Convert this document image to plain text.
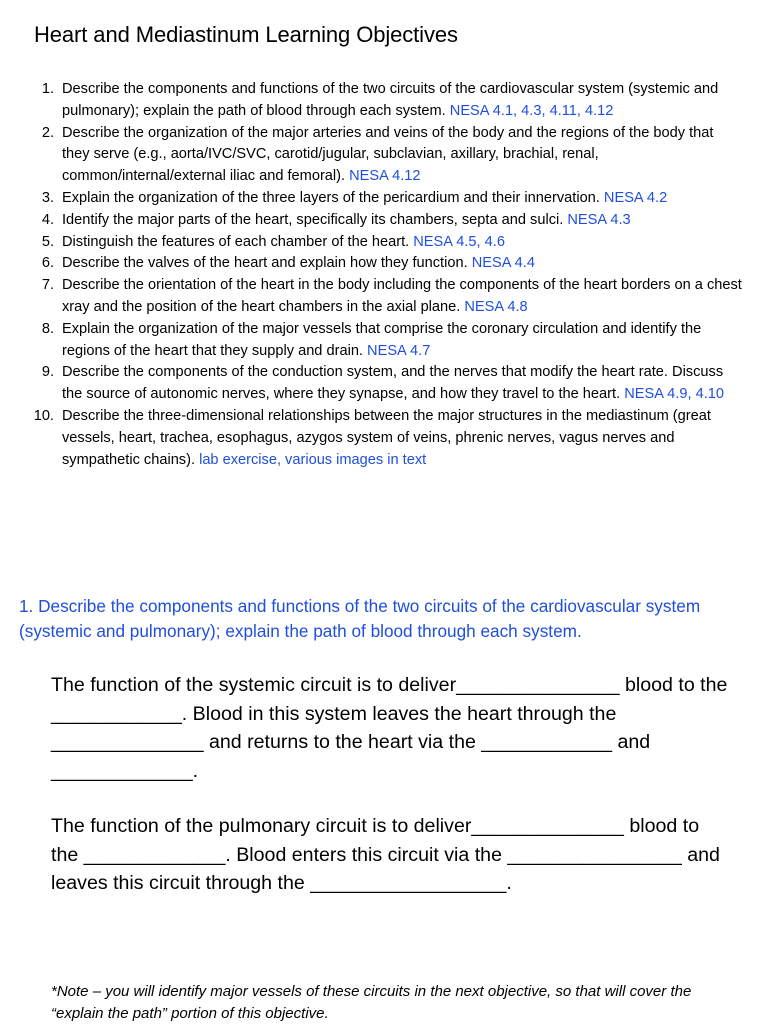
Heart and Mediastinum Learning Objectives
1. Describe the components and functions of the two circuits of the cardiovascular system (systemic and pulmonary); explain the path of blood through each system. NESA 4.1, 4.3, 4.11, 4.12
2. Describe the organization of the major arteries and veins of the body and the regions of the body that they serve (e.g., aorta/IVC/SVC, carotid/jugular, subclavian, axillary, brachial, renal, common/internal/external iliac and femoral). NESA 4.12
3. Explain the organization of the three layers of the pericardium and their innervation. NESA 4.2
4. Identify the major parts of the heart, specifically its chambers, septa and sulci. NESA 4.3
5. Distinguish the features of each chamber of the heart. NESA 4.5, 4.6
6. Describe the valves of the heart and explain how they function. NESA 4.4
7. Describe the orientation of the heart in the body including the components of the heart borders on a chest xray and the position of the heart chambers in the axial plane. NESA 4.8
8. Explain the organization of the major vessels that comprise the coronary circulation and identify the regions of the heart that they supply and drain. NESA 4.7
9. Describe the components of the conduction system, and the nerves that modify the heart rate. Discuss the source of autonomic nerves, where they synapse, and how they travel to the heart. NESA 4.9, 4.10
10. Describe the three-dimensional relationships between the major structures in the mediastinum (great vessels, heart, trachea, esophagus, azygos system of veins, phrenic nerves, vagus nerves and sympathetic chains). lab exercise, various images in text
1. Describe the components and functions of the two circuits of the cardiovascular system (systemic and pulmonary); explain the path of blood through each system.

The function of the systemic circuit is to deliver_______________ blood to the ____________. Blood in this system leaves the heart through the ______________ and returns to the heart via the ____________ and _____________.

The function of the pulmonary circuit is to deliver______________ blood to the _____________. Blood enters this circuit via the ________________ and leaves this circuit through the __________________.

*Note – you will identify major vessels of these circuits in the next objective, so that will cover the “explain the path” portion of this objective.
